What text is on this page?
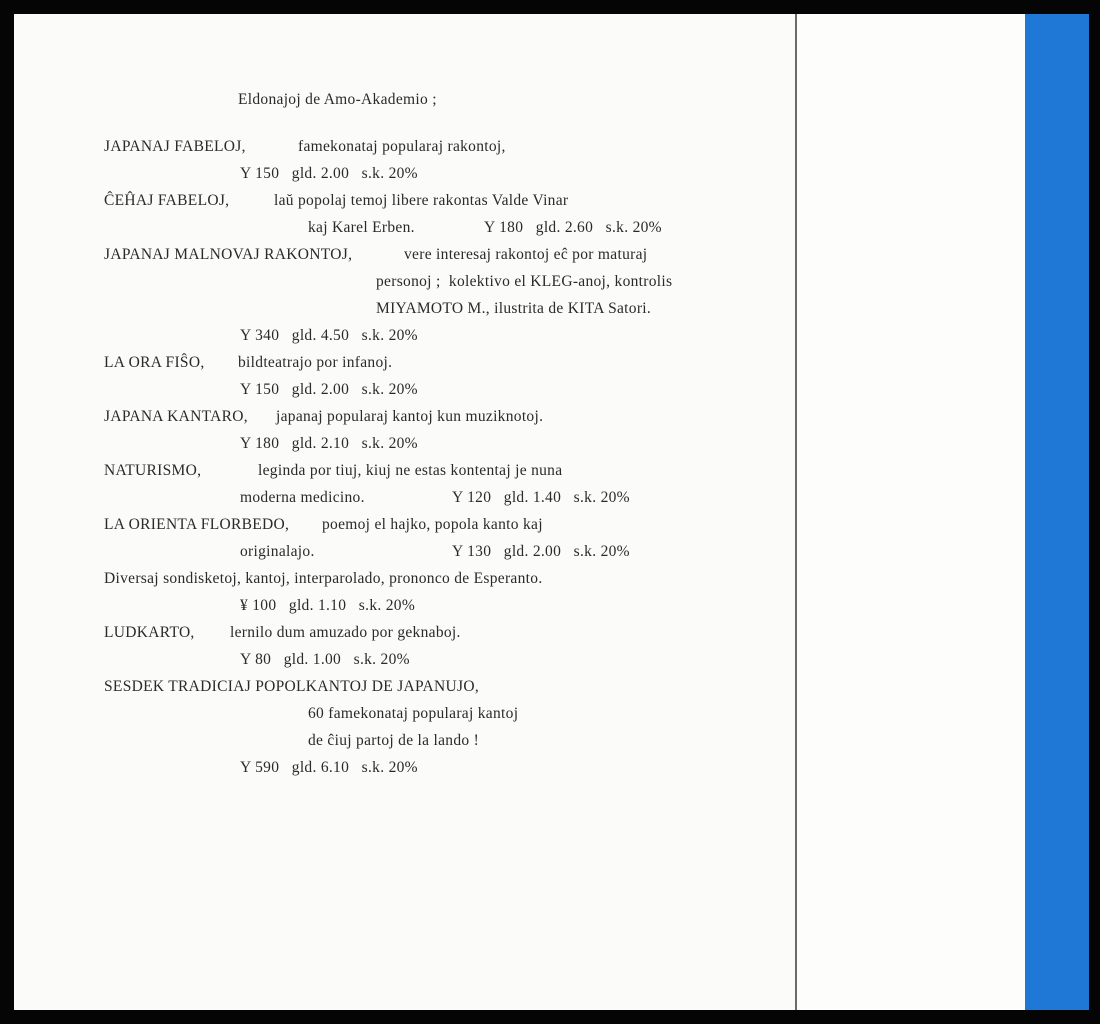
Eldonajoj de Amo-Akademio ;
JAPANAJ FABELOJ,	famekonataj popularaj rakontoj,
Y 150   gld. 2.00   s.k. 20%
ĈEĤAJ FABELOJ,	laŭ popolaj temoj libere rakontas Valde Vinar
kaj Karel Erben.	Y 180   gld. 2.60   s.k. 20%
JAPANAJ MALNOVAJ RAKONTOJ,	vere interesaj rakontoj eĉ por maturaj
personoj ;  kolektivo el KLEG-anoj, kontrolis
MIYAMOTO M., ilustrita de KITA Satori.
Y 340   gld. 4.50   s.k. 20%
LA ORA FIŜO, bildteatrajo por infanoj.
Y 150   gld. 2.00   s.k. 20%
JAPANA KANTARO, japanaj popularaj kantoj kun muziknotoj.
Y 180   gld. 2.10   s.k. 20%
NATURISMO,	leginda por tiuj, kiuj ne estas kontentaj je nuna
moderna medicino.	Y 120   gld. 1.40   s.k. 20%
LA ORIENTA FLORBEDO, poemoj el hajko, popola kanto kaj
originalajo.	Y 130   gld. 2.00   s.k. 20%
Diversaj sondisketoj, kantoj, interparolado, prononco de Esperanto.
¥ 100   gld. 1.10   s.k. 20%
LUDKARTO, lernilo dum amuzado por geknaboj.
Y 80   gld. 1.00   s.k. 20%
SESDEK TRADICIAJ POPOLKANTOJ DE JAPANUJO,
60 famekonataj popularaj kantoj
de ĉiuj partoj de la lando !
Y 590   gld. 6.10   s.k. 20%
